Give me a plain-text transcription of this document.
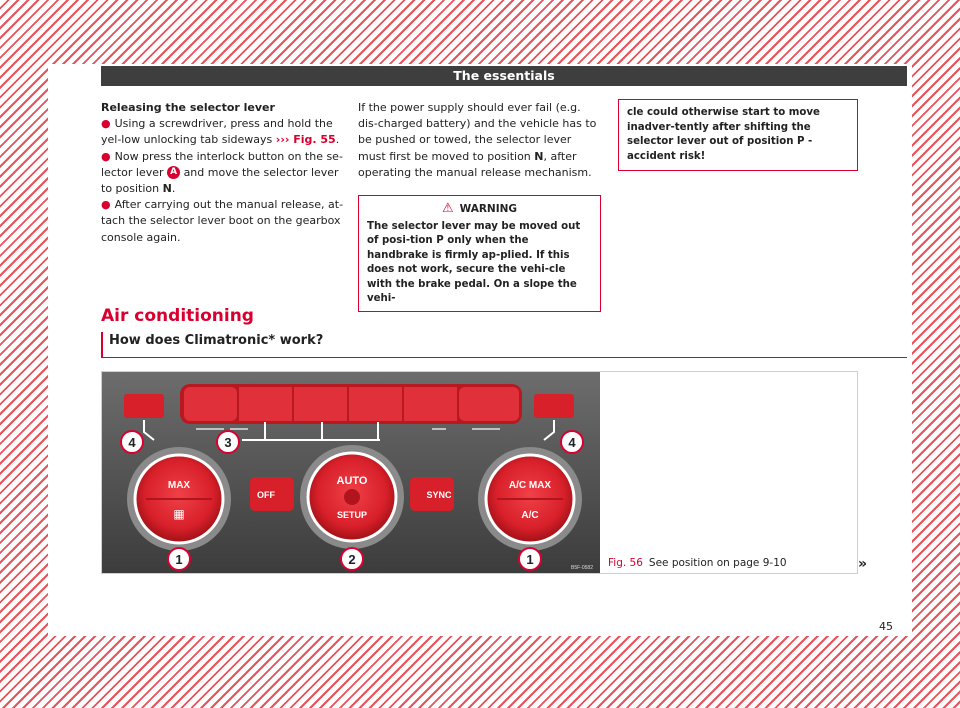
The essentials

Releasing the selector lever

● Using a screwdriver, press and hold the yel-low unlocking tab sideways ››› Fig. 55.

● Now press the interlock button on the se-lector lever A and move the selector lever to position N.

● After carrying out the manual release, at-tach the selector lever boot on the gearbox console again.

If the power supply should ever fail (e.g. dis-charged battery) and the vehicle has to be pushed or towed, the selector lever must first be moved to position N, after operating the manual release mechanism.

⚠ WARNING
The selector lever may be moved out of posi-tion P only when the handbrake is firmly ap-plied. If this does not work, secure the vehi-cle with the brake pedal. On a slope the vehi-
cle could otherwise start to move inadver-tently after shifting the selector lever out of position P - accident risk!
Air conditioning
How does Climatronic* work?
MAX
▦
AUTO
SETUP
A/C MAX
A/C
OFF	SYNC
4	3	4
1	2	1
B5F-0582 Fig. 56 See position on page 9-10	»
45
